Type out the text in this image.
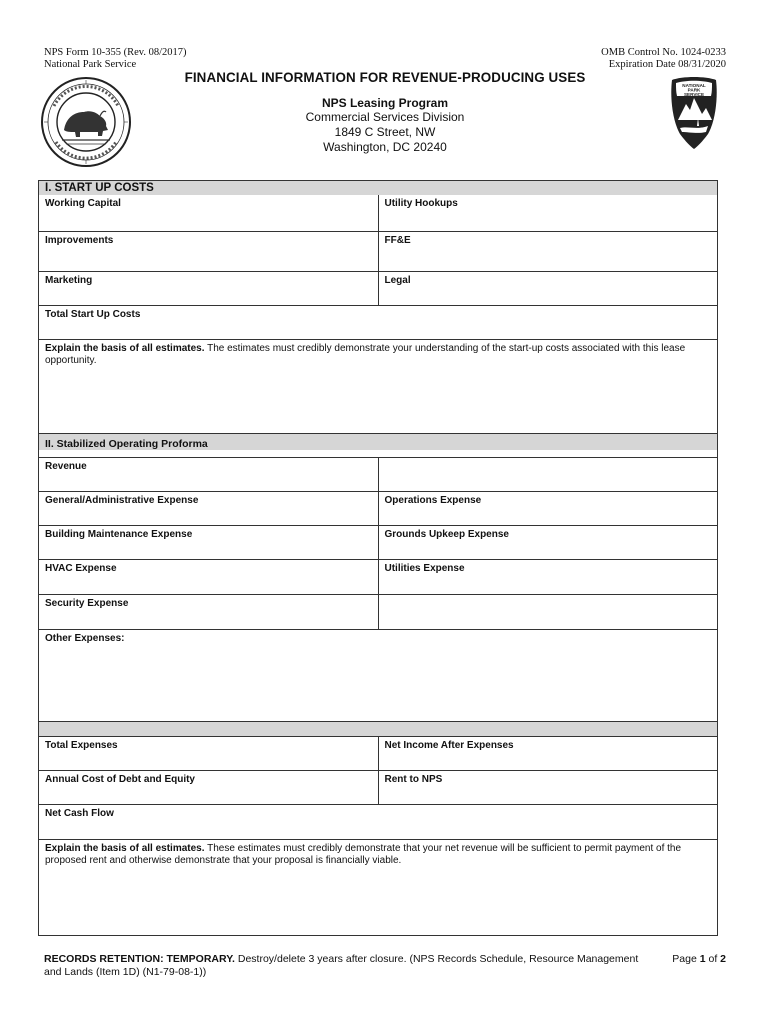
NPS Form 10-355 (Rev. 08/2017)
National Park Service
OMB Control No. 1024-0233
Expiration Date 08/31/2020
FINANCIAL INFORMATION FOR REVENUE-PRODUCING USES
NPS Leasing Program
Commercial Services Division
1849 C Street, NW
Washington, DC 20240
NATIONAL
PARK
SERVICE
I. START UP COSTS
Working Capital	Utility Hookups
Improvements	FF&E
Marketing	Legal
Total Start Up Costs
Explain the basis of all estimates. The estimates must credibly demonstrate your understanding of the start-up costs associated with this lease opportunity.
II. Stabilized Operating Proforma
Revenue
General/Administrative Expense	Operations Expense
Building Maintenance Expense	Grounds Upkeep Expense
HVAC Expense	Utilities Expense
Security Expense
Other Expenses:
Total Expenses	Net Income After Expenses
Annual Cost of Debt and Equity	Rent to NPS
Net Cash Flow
Explain the basis of all estimates. These estimates must credibly demonstrate that your net revenue will be sufficient to permit payment of the proposed rent and otherwise demonstrate that your proposal is financially viable.
RECORDS RETENTION: TEMPORARY. Destroy/delete 3 years after closure. (NPS Records Schedule, Resource Management and Lands (Item 1D) (N1-79-08-1))
Page 1 of 2
